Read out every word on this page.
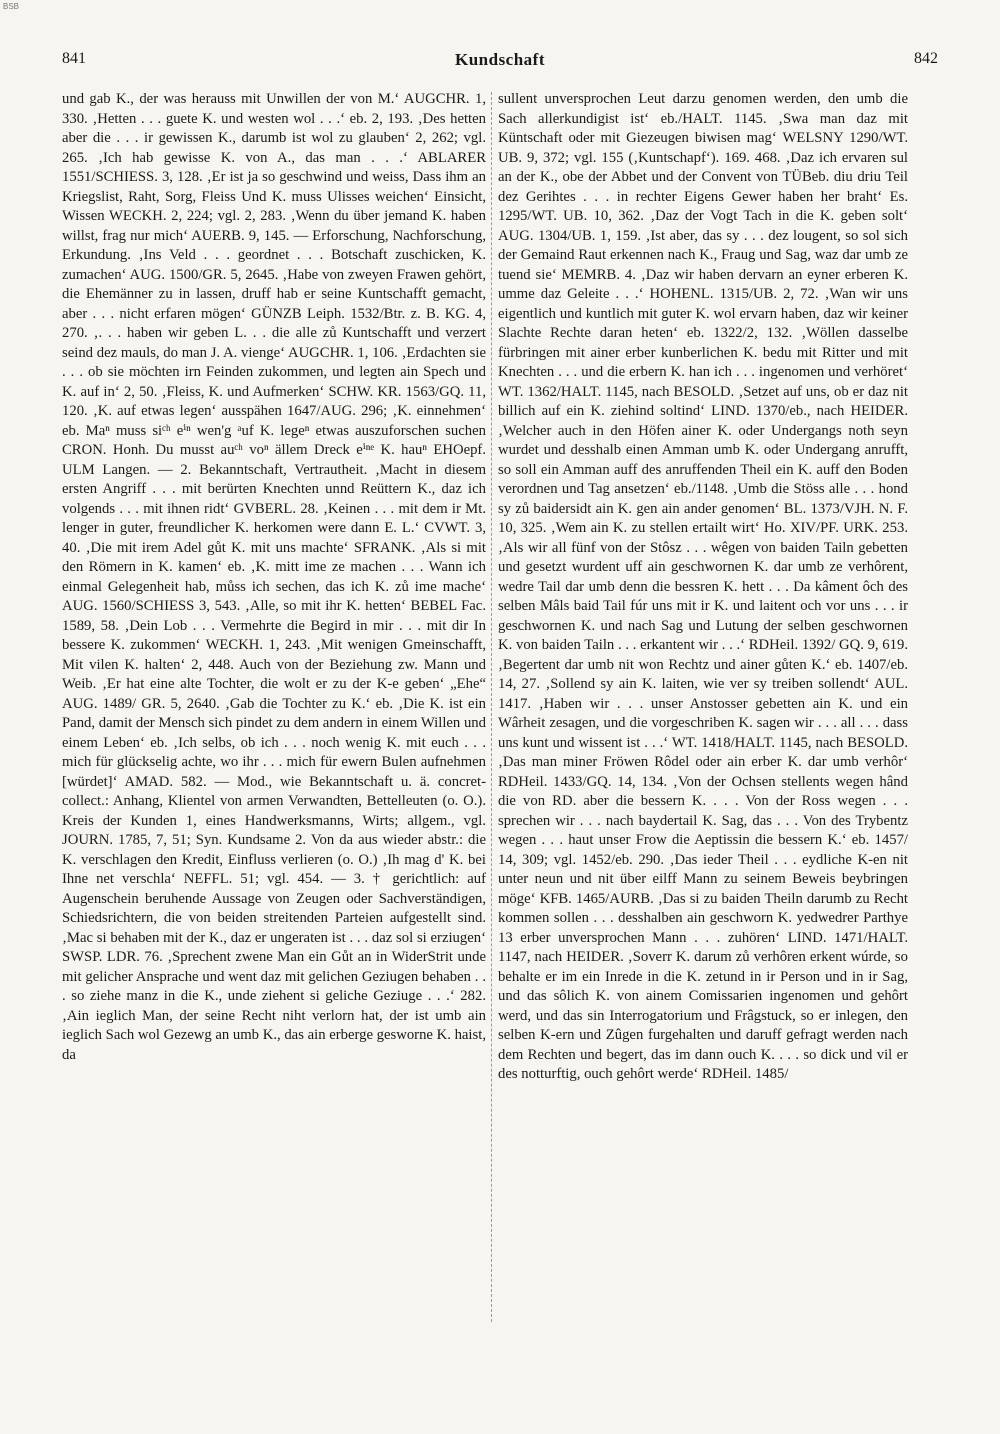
BSB
841	Kundschaft	842

und gab K., der was herauss mit Unwillen der von M.‘ AUGCHR. 1, 330. ‚Hetten . . . guete K. und westen wol . . .‘ eb. 2, 193. ‚Des hetten aber die . . . ir gewissen K., darumb ist wol zu glauben‘ 2, 262; vgl. 265. ‚Ich hab gewisse K. von A., das man . . .‘ ABLARER 1551/SCHIESS. 3, 128. ‚Er ist ja so geschwind und weiss, Dass ihm an Kriegslist, Raht, Sorg, Fleiss Und K. muss Ulisses weichen‘ Einsicht, Wissen WECKH. 2, 224; vgl. 2, 283. ‚Wenn du über jemand K. haben willst, frag nur mich‘ AUERB. 9, 145. — Erforschung, Nachforschung, Erkundung. ‚Ins Veld . . . geordnet . . . Botschaft zuschicken, K. zumachen‘ AUG. 1500/GR. 5, 2645. ‚Habe von zweyen Frawen gehört, die Ehemänner zu in lassen, druff hab er seine Kuntschafft gemacht, aber . . . nicht erfaren mögen‘ GÜNZB Leiph. 1532/Btr. z. B. KG. 4, 270. ‚. . . haben wir geben L. . . die alle zů Kuntschafft und verzert seind dez mauls, do man J. A. vienge‘ AUGCHR. 1, 106. ‚Erdachten sie . . . ob sie möchten irn Feinden zukommen, und legten ain Spech und K. auf in‘ 2, 50. ‚Fleiss, K. und Aufmerken‘ SCHW. KR. 1563/GQ. 11, 120. ‚K. auf etwas legen‘ ausspähen 1647/AUG. 296; ‚K. einnehmen‘ eb. Maⁿ muss siᶜʰ eⁱⁿ wen'g ᵃuf K. legeⁿ etwas auszuforschen suchen CRON. Honh. Du musst auᶜʰ voⁿ ällem Dreck eⁱⁿᵉ K. hauⁿ EHOepf. ULM Langen. — 2. Bekanntschaft, Vertrautheit. ‚Macht in diesem ersten Angriff . . . mit berürten Knechten unnd Reüttern K., daz ich volgends . . . mit ihnen ridt‘ GVBERL. 28. ‚Keinen . . . mit dem ir Mt. lenger in guter, freundlicher K. herkomen were dann E. L.‘ CVWT. 3, 40. ‚Die mit irem Adel gůt K. mit uns machte‘ SFRANK. ‚Als si mit den Römern in K. kamen‘ eb. ‚K. mitt ime ze machen . . . Wann ich einmal Gelegenheit hab, můss ich sechen, das ich K. zů ime mache‘ AUG. 1560/SCHIESS 3, 543. ‚Alle, so mit ihr K. hetten‘ BEBEL Fac. 1589, 58. ‚Dein Lob . . . Vermehrte die Begird in mir . . . mit dir In bessere K. zukommen‘ WECKH. 1, 243. ‚Mit wenigen Gmeinschafft, Mit vilen K. halten‘ 2, 448. Auch von der Beziehung zw. Mann und Weib. ‚Er hat eine alte Tochter, die wolt er zu der K-e geben‘ „Ehe“ AUG. 1489/ GR. 5, 2640. ‚Gab die Tochter zu K.‘ eb. ‚Die K. ist ein Pand, damit der Mensch sich pindet zu dem andern in einem Willen und einem Leben‘ eb. ‚Ich selbs, ob ich . . . noch wenig K. mit euch . . . mich für glückselig achte, wo ihr . . . mich für ewern Bulen aufnehmen [würdet]‘ AMAD. 582. — Mod., wie Bekanntschaft u. ä. concret-collect.: Anhang, Klientel von armen Verwandten, Bettelleuten (o. O.). Kreis der Kunden 1, eines Handwerksmanns, Wirts; allgem., vgl. JOURN. 1785, 7, 51; Syn. Kundsame 2. Von da aus wieder abstr.: die K. verschlagen den Kredit, Einfluss verlieren (o. O.) ‚Ih mag d' K. bei Ihne net verschla‘ NEFFL. 51; vgl. 454. — 3. † gerichtlich: auf Augenschein beruhende Aussage von Zeugen oder Sachverständigen, Schiedsrichtern, die von beiden streitenden Parteien aufgestellt sind. ‚Mac si behaben mit der K., daz er ungeraten ist . . . daz sol si erziugen‘ SWSP. LDR. 76. ‚Sprechent zwene Man ein Gůt an in WiderStrit unde mit gelicher Ansprache und went daz mit gelichen Geziugen behaben . . . so ziehe manz in die K., unde ziehent si geliche Geziuge . . .‘ 282. ‚Ain ieglich Man, der seine Recht niht verlorn hat, der ist umb ain ieglich Sach wol Gezewg an umb K., das ain erberge gesworne K. haist, da

sullent unversprochen Leut darzu genomen werden, den umb die Sach allerkundigist ist‘ eb./HALT. 1145. ‚Swa man daz mit Küntschaft oder mit Giezeugen biwisen mag‘ WELSNY 1290/WT. UB. 9, 372; vgl. 155 (‚Kuntschapf‘). 169. 468. ‚Daz ich ervaren sul an der K., obe der Abbet und der Convent von TÜBeb. diu driu Teil dez Gerihtes . . . in rechter Eigens Gewer haben her braht‘ Es. 1295/WT. UB. 10, 362. ‚Daz der Vogt Tach in die K. geben solt‘ AUG. 1304/UB. 1, 159. ‚Ist aber, das sy . . . dez lougent, so sol sich der Gemaind Raut erkennen nach K., Fraug und Sag, waz dar umb ze tuend sie‘ MEMRB. 4. ‚Daz wir haben dervarn an eyner erberen K. umme daz Geleite . . .‘ HOHENL. 1315/UB. 2, 72. ‚Wan wir uns eigentlich und kuntlich mit guter K. wol ervarn haben, daz wir keiner Slachte Rechte daran heten‘ eb. 1322/2, 132. ‚Wöllen dasselbe fürbringen mit ainer erber kunberlichen K. bedu mit Ritter und mit Knechten . . . und die erbern K. han ich . . . ingenomen und verhöret‘ WT. 1362/HALT. 1145, nach BESOLD. ‚Setzet auf uns, ob er daz nit billich auf ein K. ziehind soltind‘ LIND. 1370/eb., nach HEIDER. ‚Welcher auch in den Höfen ainer K. oder Undergangs noth seyn wurdet und desshalb einen Amman umb K. oder Undergang anrufft, so soll ein Amman auff des anruffenden Theil ein K. auff den Boden verordnen und Tag ansetzen‘ eb./1148. ‚Umb die Stöss alle . . . hond sy zů baidersidt ain K. gen ain ander genomen‘ BL. 1373/VJH. N. F. 10, 325. ‚Wem ain K. zu stellen ertailt wirt‘ Ho. XIV/PF. URK. 253. ‚Als wir all fünf von der Stôsz . . . wêgen von baiden Tailn gebetten und gesetzt wurdent uff ain geschwornen K. dar umb ze verhôrent, wedre Tail dar umb denn die bessren K. hett . . . Da kâment ôch des selben Mâls baid Tail fúr uns mit ir K. und laitent och vor uns . . . ir geschwornen K. und nach Sag und Lutung der selben geschwornen K. von baiden Tailn . . . erkantent wir . . .‘ RDHeil. 1392/ GQ. 9, 619. ‚Begertent dar umb nit won Rechtz und ainer gůten K.‘ eb. 1407/eb. 14, 27. ‚Sollend sy ain K. laiten, wie ver sy treiben sollendt‘ AUL. 1417. ‚Haben wir . . . unser Anstosser gebetten ain K. und ein Wârheit zesagen, und die vorgeschriben K. sagen wir . . . all . . . dass uns kunt und wissent ist . . .‘ WT. 1418/HALT. 1145, nach BESOLD. ‚Das man miner Fröwen Rôdel oder ain erber K. dar umb verhôr‘ RDHeil. 1433/GQ. 14, 134. ‚Von der Ochsen stellents wegen hând die von RD. aber die bessern K. . . . Von der Ross wegen . . . sprechen wir . . . nach baydertail K. Sag, das . . . Von des Trybentz wegen . . . haut unser Frow die Aeptissin die bessern K.‘ eb. 1457/ 14, 309; vgl. 1452/eb. 290. ‚Das ieder Theil . . . eydliche K-en nit unter neun und nit über eilff Mann zu seinem Beweis beybringen möge‘ KFB. 1465/AURB. ‚Das si zu baiden Theiln darumb zu Recht kommen sollen . . . desshalben ain geschworn K. yedwedrer Parthye 13 erber unversprochen Mann . . . zuhören‘ LIND. 1471/HALT. 1147, nach HEIDER. ‚Soverr K. darum zů verhôren erkent wúrde, so behalte er im ein Inrede in die K. zetund in ir Person und in ir Sag, und das sôlich K. von ainem Comissarien ingenomen und gehôrt werd, und das sin Interrogatorium und Frâgstuck, so er inlegen, den selben K-ern und Zûgen furgehalten und daruff gefragt werden nach dem Rechten und begert, das im dann ouch K. . . . so dick und vil er des notturftig, ouch gehôrt werde‘ RDHeil. 1485/
